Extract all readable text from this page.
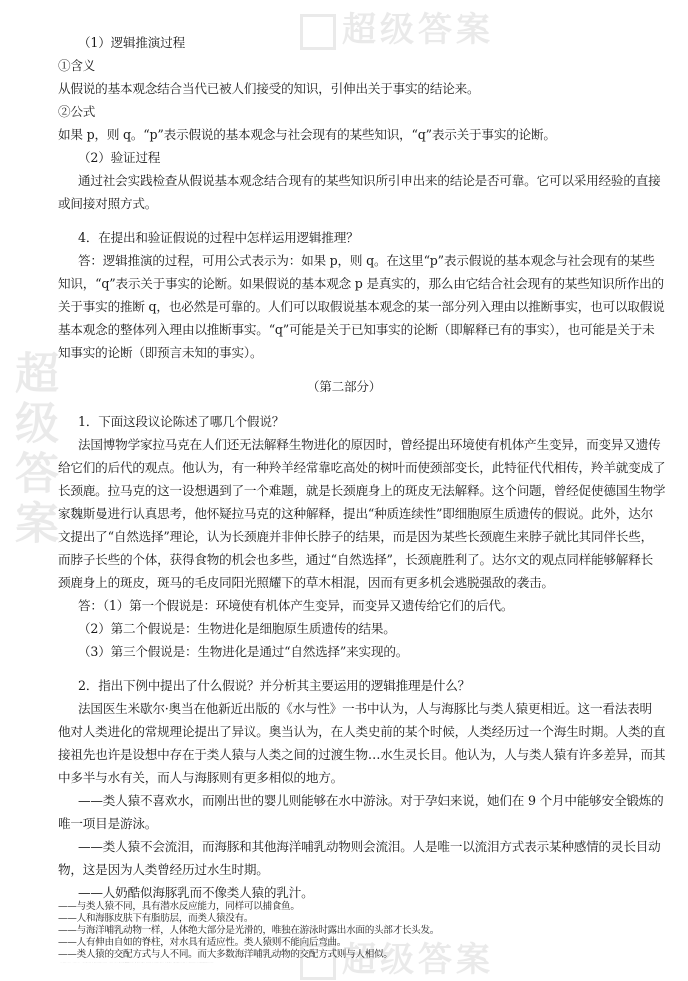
超级答案
超级答案
超级答案
（1）逻辑推演过程
①含义
从假说的基本观念结合当代已被人们接受的知识，引伸出关于事实的结论来。
②公式
如果 p，则 q。“p”表示假说的基本观念与社会现有的某些知识，“q”表示关于事实的论断。
（2）验证过程
通过社会实践检查从假说基本观念结合现有的某些知识所引申出来的结论是否可靠。它可以采用经验的直接
或间接对照方式。
4．在提出和验证假说的过程中怎样运用逻辑推理？
答：逻辑推演的过程，可用公式表示为：如果 p，则 q。在这里“p”表示假说的基本观念与社会现有的某些
知识，“q”表示关于事实的论断。如果假说的基本观念 p 是真实的，那么由它结合社会现有的某些知识所作出的
关于事实的推断 q，也必然是可靠的。人们可以取假说基本观念的某一部分列入理由以推断事实，也可以取假说
基本观念的整体列入理由以推断事实。“q”可能是关于已知事实的论断（即解释已有的事实），也可能是关于未
知事实的论断（即预言未知的事实）。
（第二部分）
1．下面这段议论陈述了哪几个假说？
法国博物学家拉马克在人们还无法解释生物进化的原因时，曾经提出环境使有机体产生变异，而变异又遗传
给它们的后代的观点。他认为，有一种羚羊经常靠吃高处的树叶而使颈部变长，此特征代代相传，羚羊就变成了
长颈鹿。拉马克的这一设想遇到了一个难题，就是长颈鹿身上的斑皮无法解释。这个问题，曾经促使德国生物学
家魏斯曼进行认真思考，他怀疑拉马克的这种解释，提出“种质连续性”即细胞原生质遗传的假说。此外，达尔
文提出了“自然选择”理论，认为长颈鹿并非伸长脖子的结果，而是因为某些长颈鹿生来脖子就比其同伴长些，
而脖子长些的个体，获得食物的机会也多些，通过“自然选择”，长颈鹿胜利了。达尔文的观点同样能够解释长
颈鹿身上的斑皮，斑马的毛皮同阳光照耀下的草木相混，因而有更多机会逃脱强敌的袭击。
答：（1）第一个假说是：环境使有机体产生变异，而变异又遗传给它们的后代。
（2）第二个假说是：生物进化是细胞原生质遗传的结果。
（3）第三个假说是：生物进化是通过“自然选择”来实现的。
2．指出下例中提出了什么假说？并分析其主要运用的逻辑推理是什么？
法国医生米歇尔·奥当在他新近出版的《水与性》一书中认为，人与海豚比与类人猿更相近。这一看法表明
他对人类进化的常规理论提出了异议。奥当认为，在人类史前的某个时候，人类经历过一个海生时期。人类的直
接祖先也许是设想中存在于类人猿与人类之间的过渡生物…水生灵长目。他认为，人与类人猿有许多差异，而其
中多半与水有关，而人与海豚则有更多相似的地方。
——类人猿不喜欢水，而刚出世的婴儿则能够在水中游泳。对于孕妇来说，她们在 9 个月中能够安全锻炼的
唯一项目是游泳。
——类人猿不会流泪，而海豚和其他海洋哺乳动物则会流泪。人是唯一以流泪方式表示某种感情的灵长目动
物，这是因为人类曾经历过水生时期。
——人奶酷似海豚乳而不像类人猿的乳汁。
——与类人猿不同，具有潜水反应能力，同样可以捕食鱼。
——人和海豚皮肤下有脂肪层，而类人猿没有。
——与海洋哺乳动物一样，人体绝大部分是光滑的，唯独在游泳时露出水面的头部才长头发。
——人有伸由自如的脊柱，对水具有适应性。类人猿则不能向后弯曲。
——类人猿的交配方式与人不同。而大多数海洋哺乳动物的交配方式则与人相似。
——海豚像人那样在分娩时有经验丰富的雌性“助产士”在身旁守候，准备接生新生婴儿，而类人猿则不是 如此。 ——人和海豚一样，相互之间是通过声音交流复杂的信息的。 答：这里提出的假说是：人类的直接祖先不是类人猿而可能是海豚。提出这个假说时主要运用的逻辑推理是 类比推理。因为它是通过对人与海豚的相似之处进行比较而得出结论的。
